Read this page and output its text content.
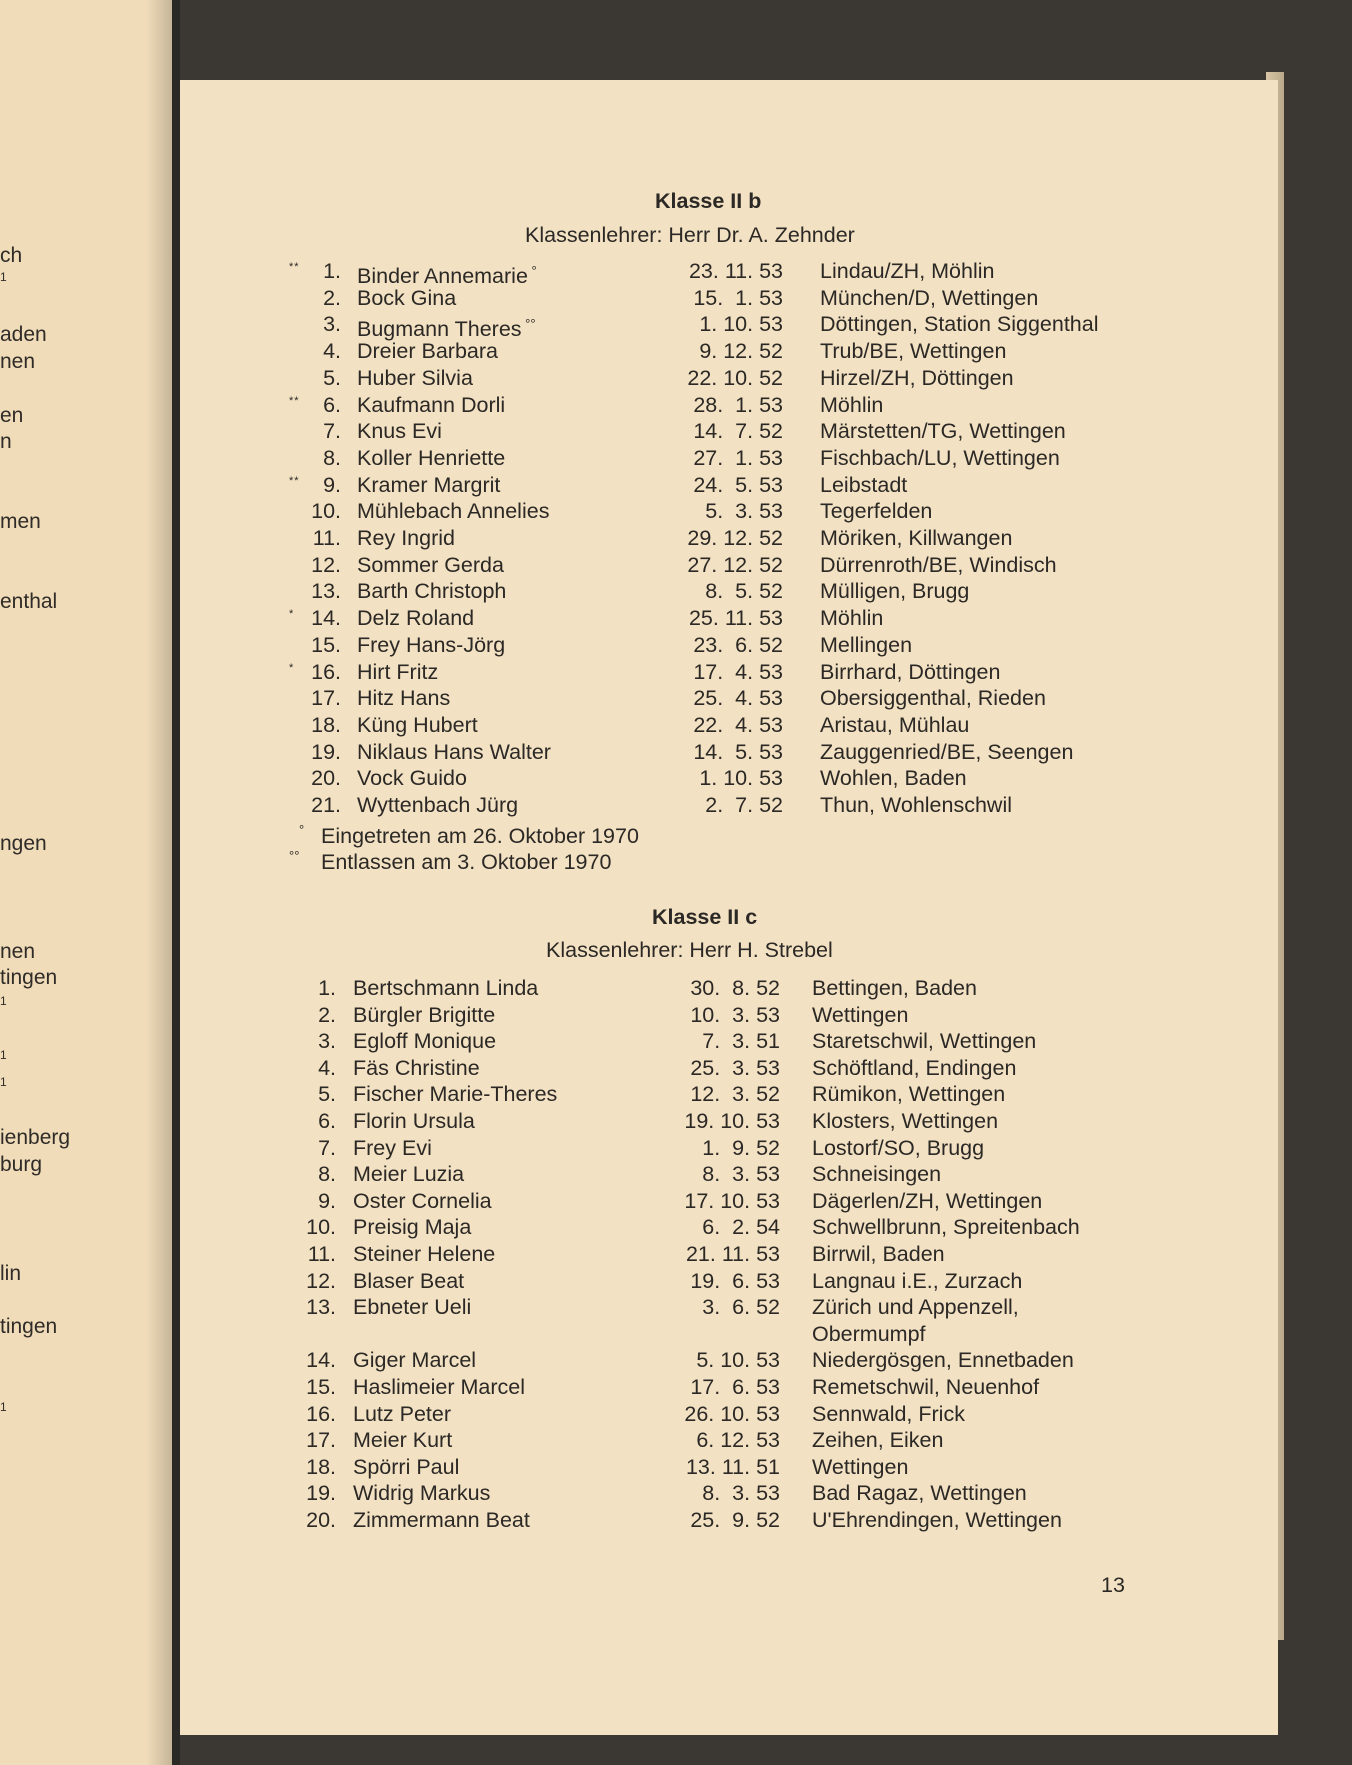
ch
1
aden
nen
en
n
men
enthal
ngen
nen
tingen
1
1
1
ienberg
burg
lin
tingen
1
Klasse II b
Klassenlehrer: Herr Dr. A. Zehnder
**	1. Binder Annemarie °	23. 11. 53 Lindau/ZH, Möhlin
2. Bock Gina	15.  1. 53 München/D, Wettingen
3. Bugmann Theres °°	1. 10. 53 Döttingen, Station Siggenthal
4. Dreier Barbara	9. 12. 52 Trub/BE, Wettingen
5. Huber Silvia	22. 10. 52 Hirzel/ZH, Döttingen
**	6. Kaufmann Dorli	28.  1. 53 Möhlin
7. Knus Evi	14.  7. 52 Märstetten/TG, Wettingen
8. Koller Henriette	27.  1. 53 Fischbach/LU, Wettingen
**	9. Kramer Margrit	24.  5. 53 Leibstadt
10. Mühlebach Annelies	5.  3. 53 Tegerfelden
11. Rey Ingrid	29. 12. 52 Möriken, Killwangen
12. Sommer Gerda	27. 12. 52 Dürrenroth/BE, Windisch
13. Barth Christoph	8.  5. 52 Mülligen, Brugg
* 14. Delz Roland	25. 11. 53 Möhlin
15. Frey Hans-Jörg	23.  6. 52 Mellingen
* 16. Hirt Fritz	17.  4. 53 Birrhard, Döttingen
17. Hitz Hans	25.  4. 53 Obersiggenthal, Rieden
18. Küng Hubert	22.  4. 53 Aristau, Mühlau
19. Niklaus Hans Walter	14.  5. 53 Zauggenried/BE, Seengen
20. Vock Guido	1. 10. 53 Wohlen, Baden
21. Wyttenbach Jürg	2.  7. 52 Thun, Wohlenschwil
° Eingetreten am 26. Oktober 1970
°° Entlassen am 3. Oktober 1970
Klasse II c
Klassenlehrer: Herr H. Strebel
1. Bertschmann Linda	30.  8. 52 Bettingen, Baden
2. Bürgler Brigitte	10.  3. 53 Wettingen
3. Egloff Monique	7.  3. 51 Staretschwil, Wettingen
4. Fäs Christine	25.  3. 53 Schöftland, Endingen
5. Fischer Marie-Theres	12.  3. 52 Rümikon, Wettingen
6. Florin Ursula	19. 10. 53 Klosters, Wettingen
7. Frey Evi	1.  9. 52 Lostorf/SO, Brugg
8. Meier Luzia	8.  3. 53 Schneisingen
9. Oster Cornelia	17. 10. 53 Dägerlen/ZH, Wettingen
10. Preisig Maja	6.  2. 54 Schwellbrunn, Spreitenbach
11. Steiner Helene	21. 11. 53 Birrwil, Baden
12. Blaser Beat	19.  6. 53 Langnau i.E., Zurzach
13. Ebneter Ueli	3.  6. 52 Zürich und Appenzell,
Obermumpf
14. Giger Marcel	5. 10. 53 Niedergösgen, Ennetbaden
15. Haslimeier Marcel	17.  6. 53 Remetschwil, Neuenhof
16. Lutz Peter	26. 10. 53 Sennwald, Frick
17. Meier Kurt	6. 12. 53 Zeihen, Eiken
18. Spörri Paul	13. 11. 51 Wettingen
19. Widrig Markus	8.  3. 53 Bad Ragaz, Wettingen
20. Zimmermann Beat	25.  9. 52 U'Ehrendingen, Wettingen
13
